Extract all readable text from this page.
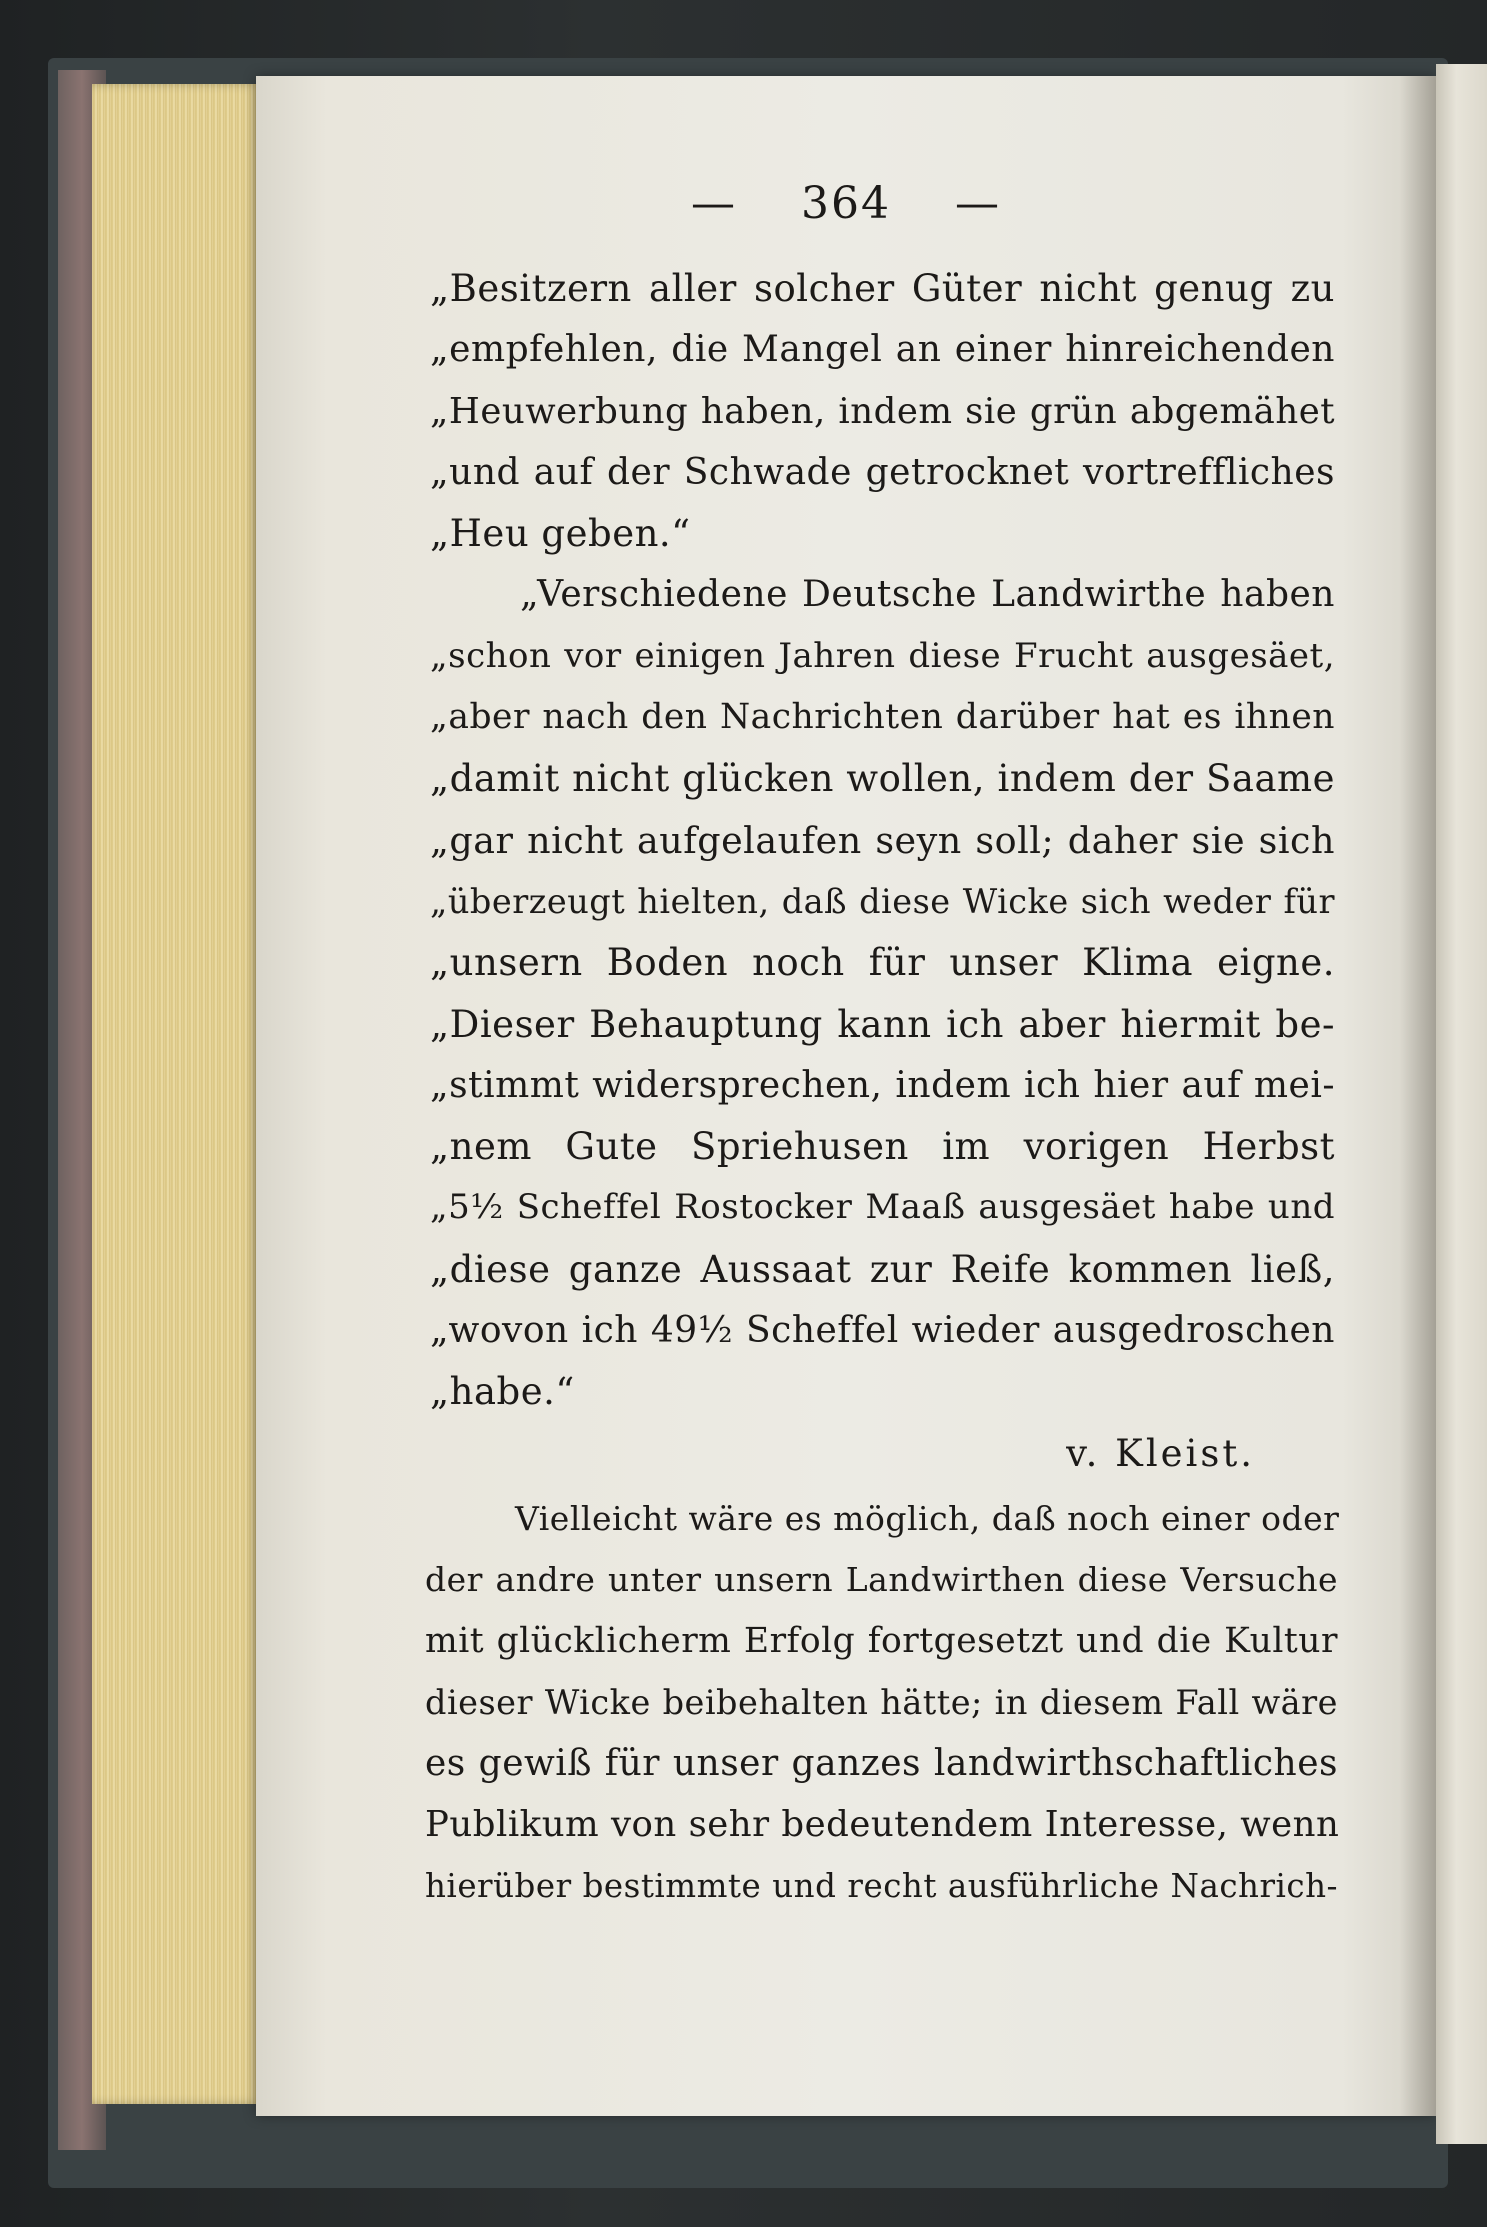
— 364 —
„Besitzern aller solcher Güter nicht genug zu
„empfehlen, die Mangel an einer hinreichenden
„Heuwerbung haben, indem sie grün abgemähet
„und auf der Schwade getrocknet vortreffliches
„Heu geben.“
„Verschiedene Deutsche Landwirthe haben
„schon vor einigen Jahren diese Frucht ausgesäet,
„aber nach den Nachrichten darüber hat es ihnen
„damit nicht glücken wollen, indem der Saame
„gar nicht aufgelaufen seyn soll; daher sie sich
„überzeugt hielten, daß diese Wicke sich weder für
„unsern Boden noch für unser Klima eigne.
„Dieser Behauptung kann ich aber hiermit be-
„stimmt widersprechen, indem ich hier auf mei-
„nem Gute Spriehusen im vorigen Herbst
„5½ Scheffel Rostocker Maaß ausgesäet habe und
„diese ganze Aussaat zur Reife kommen ließ,
„wovon ich 49½ Scheffel wieder ausgedroschen
„habe.“
v. Kleist.
Vielleicht wäre es möglich, daß noch einer oder
der andre unter unsern Landwirthen diese Versuche
mit glücklicherm Erfolg fortgesetzt und die Kultur
dieser Wicke beibehalten hätte; in diesem Fall wäre
es gewiß für unser ganzes landwirthschaftliches
Publikum von sehr bedeutendem Interesse, wenn
hierüber bestimmte und recht ausführliche Nachrich-
